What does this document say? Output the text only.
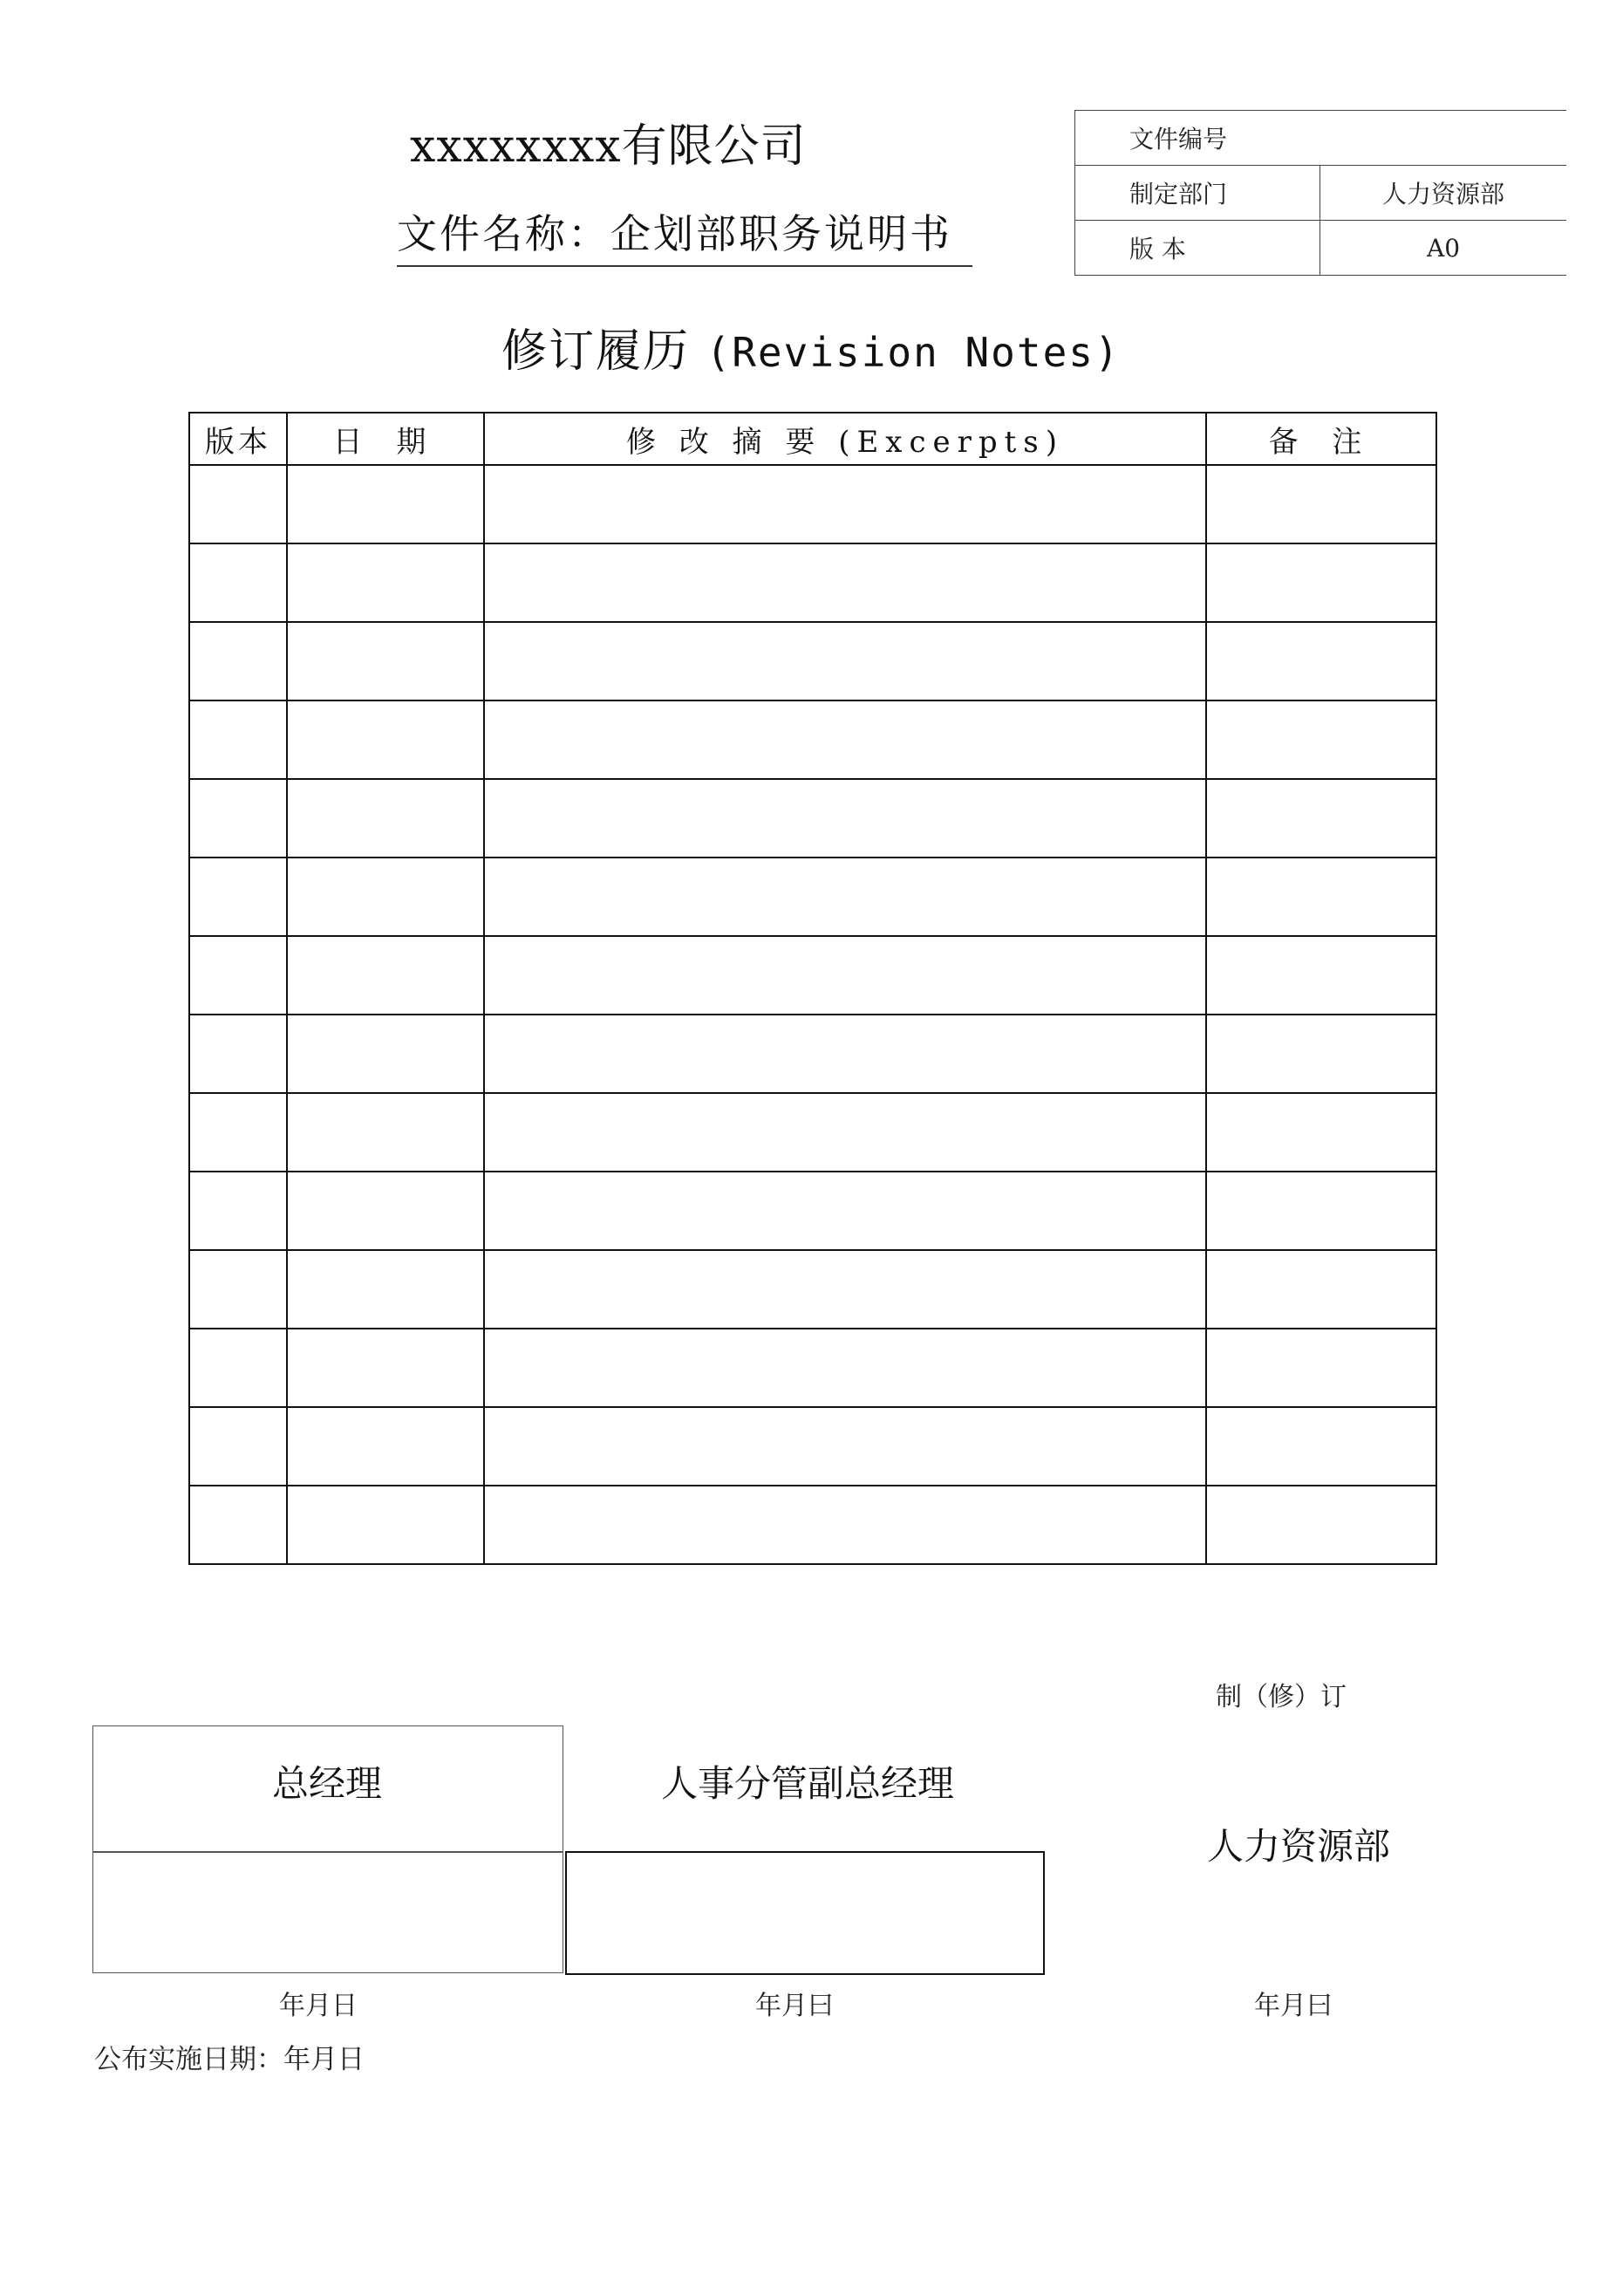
xxxxxxxx有限公司
文件名称：企划部职务说明书
文件编号	
制定部门	人力资源部
版 本	A0
修订履历 (Revision Notes)
版本	日 期	修 改 摘 要 (Excerpts)	备 注

制（修）订
总经理	人事分管副总经理
人力资源部
年月日	年月曰	年月曰
公布实施日期：年月日
